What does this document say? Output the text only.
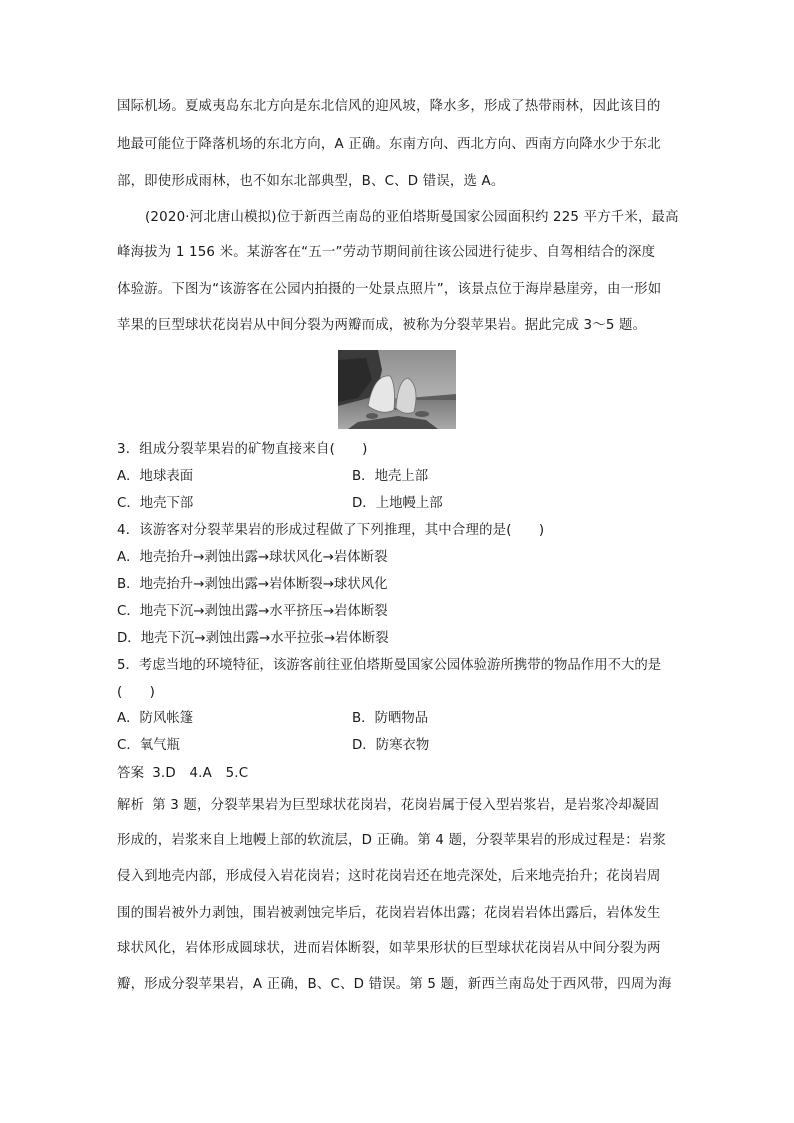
国际机场。夏威夷岛东北方向是东北信风的迎风坡，降水多，形成了热带雨林，因此该目的
地最可能位于降落机场的东北方向，A 正确。东南方向、西北方向、西南方向降水少于东北
部，即使形成雨林，也不如东北部典型，B、C、D 错误，选 A。
(2020·河北唐山模拟)位于新西兰南岛的亚伯塔斯曼国家公园面积约 225 平方千米，最高
峰海拔为 1 156 米。某游客在“五一”劳动节期间前往该公园进行徒步、自驾相结合的深度
体验游。下图为“该游客在公园内拍摄的一处景点照片”，该景点位于海岸悬崖旁，由一形如
苹果的巨型球状花岗岩从中间分裂为两瓣而成，被称为分裂苹果岩。据此完成 3～5 题。
3．组成分裂苹果岩的矿物直接来自(　　)
A．地球表面	B．地壳上部
C．地壳下部	D．上地幔上部
4．该游客对分裂苹果岩的形成过程做了下列推理，其中合理的是(　　)
A．地壳抬升→剥蚀出露→球状风化→岩体断裂
B．地壳抬升→剥蚀出露→岩体断裂→球状风化
C．地壳下沉→剥蚀出露→水平挤压→岩体断裂
D．地壳下沉→剥蚀出露→水平拉张→岩体断裂
5．考虑当地的环境特征，该游客前往亚伯塔斯曼国家公园体验游所携带的物品作用不大的是
(　　)
A．防风帐篷	B．防晒物品
C．氧气瓶	D．防寒衣物
答案 3.D　4.A　5.C
解析 第 3 题，分裂苹果岩为巨型球状花岗岩，花岗岩属于侵入型岩浆岩，是岩浆冷却凝固
形成的，岩浆来自上地幔上部的软流层，D 正确。第 4 题，分裂苹果岩的形成过程是：岩浆
侵入到地壳内部，形成侵入岩花岗岩；这时花岗岩还在地壳深处，后来地壳抬升；花岗岩周
围的围岩被外力剥蚀，围岩被剥蚀完毕后，花岗岩岩体出露；花岗岩岩体出露后，岩体发生
球状风化，岩体形成圆球状，进而岩体断裂，如苹果形状的巨型球状花岗岩从中间分裂为两
瓣，形成分裂苹果岩，A 正确，B、C、D 错误。第 5 题，新西兰南岛处于西风带，四周为海
